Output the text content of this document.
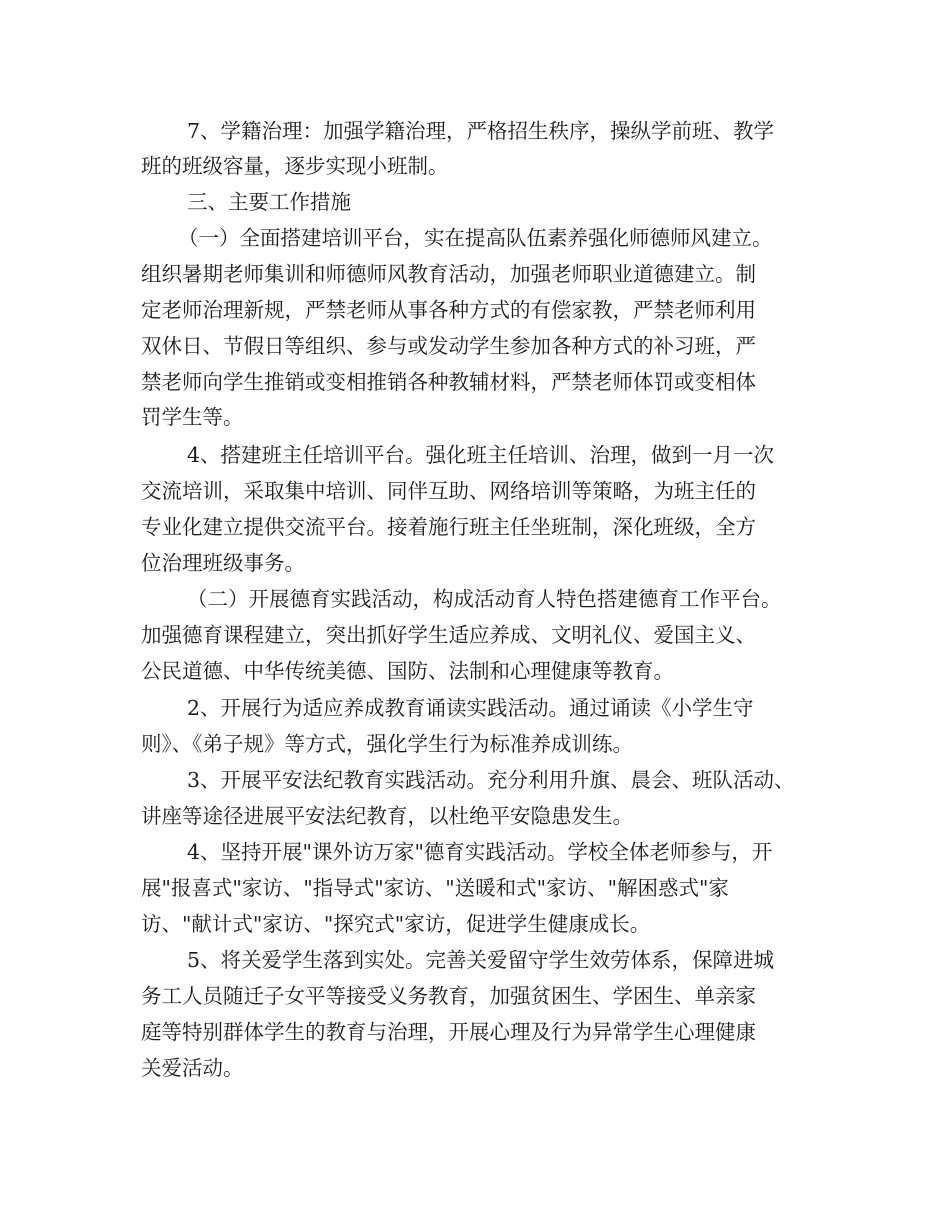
7、学籍治理：加强学籍治理，严格招生秩序，操纵学前班、教学
班的班级容量，逐步实现小班制。
三、主要工作措施
（一）全面搭建培训平台，实在提高队伍素养强化师德师风建立。
组织暑期老师集训和师德师风教育活动，加强老师职业道德建立。制
定老师治理新规，严禁老师从事各种方式的有偿家教，严禁老师利用
双休日、节假日等组织、参与或发动学生参加各种方式的补习班，严
禁老师向学生推销或变相推销各种教辅材料，严禁老师体罚或变相体
罚学生等。
4、搭建班主任培训平台。强化班主任培训、治理，做到一月一次
交流培训，采取集中培训、同伴互助、网络培训等策略，为班主任的
专业化建立提供交流平台。接着施行班主任坐班制，深化班级，全方
位治理班级事务。
（二）开展德育实践活动，构成活动育人特色搭建德育工作平台。
加强德育课程建立，突出抓好学生适应养成、文明礼仪、爱国主义、
公民道德、中华传统美德、国防、法制和心理健康等教育。
2、开展行为适应养成教育诵读实践活动。通过诵读《小学生守
则》、《弟子规》等方式，强化学生行为标准养成训练。
3、开展平安法纪教育实践活动。充分利用升旗、晨会、班队活动、
讲座等途径进展平安法纪教育，以杜绝平安隐患发生。
4、坚持开展"课外访万家"德育实践活动。学校全体老师参与，开
展"报喜式"家访、"指导式"家访、"送暖和式"家访、"解困惑式"家
访、"献计式"家访、"探究式"家访，促进学生健康成长。
5、将关爱学生落到实处。完善关爱留守学生效劳体系，保障进城
务工人员随迁子女平等接受义务教育，加强贫困生、学困生、单亲家
庭等特别群体学生的教育与治理，开展心理及行为异常学生心理健康
关爱活动。
